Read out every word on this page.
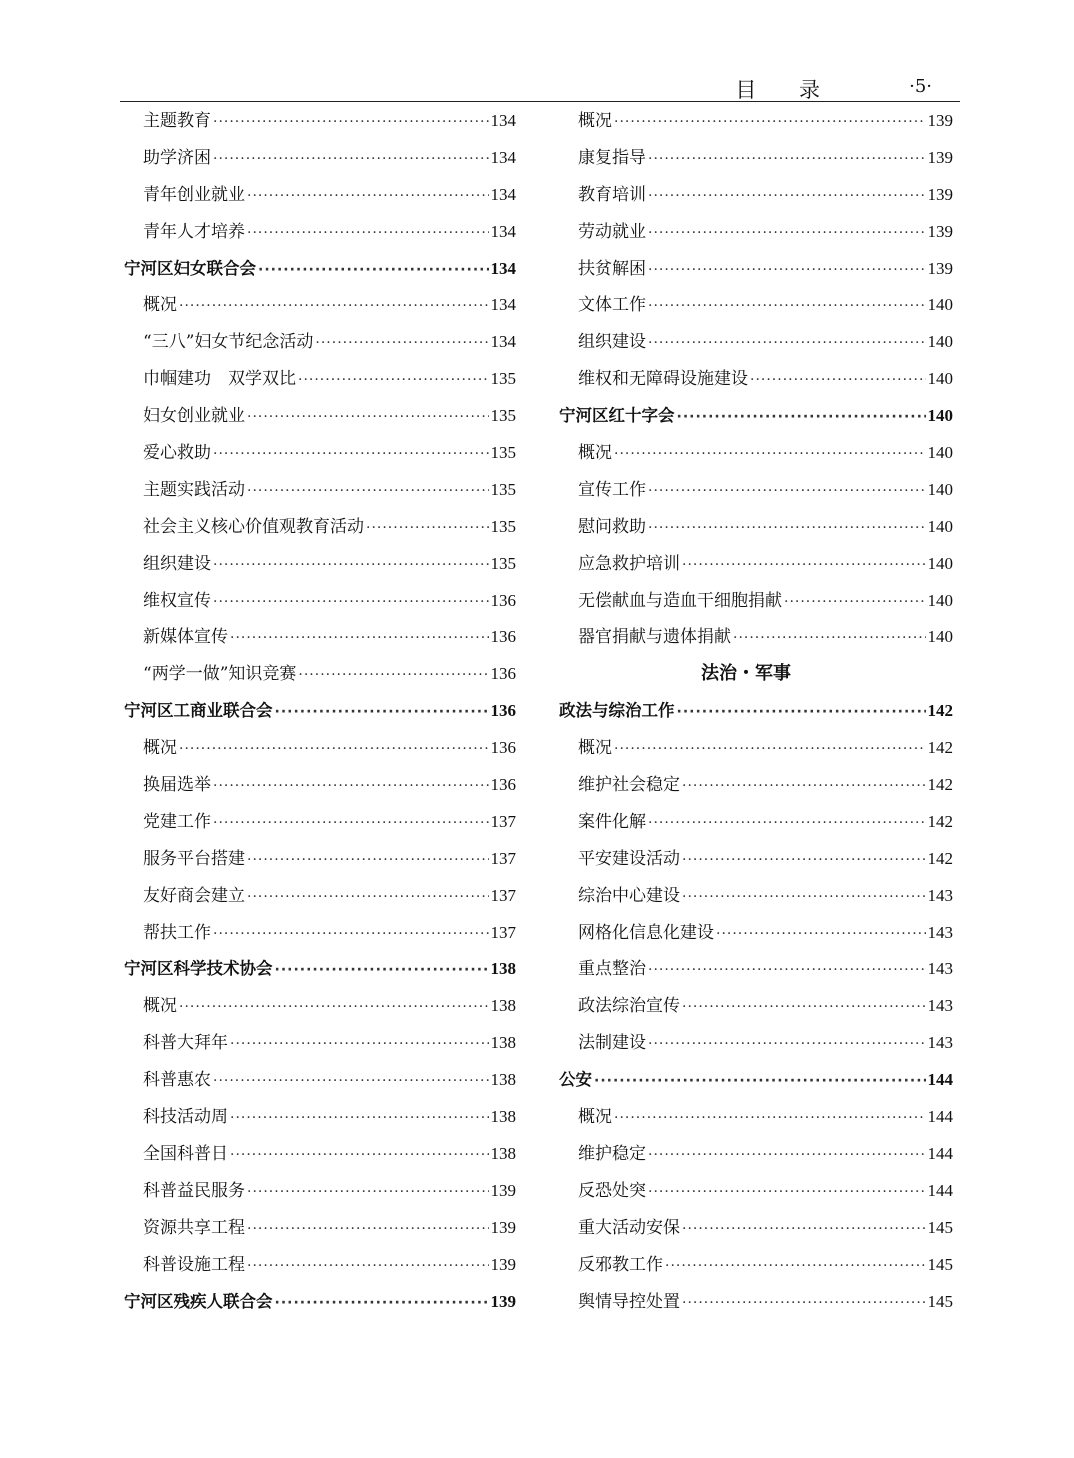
目 录	·5·
主题教育 ·····	134
助学济困 ·····	134
青年创业就业 ·····	134
青年人才培养 ·····	134
宁河区妇女联合会 ·····	134
概况 ·····	134
“三八”妇女节纪念活动 ·····	134
巾帼建功　双学双比 ·····	135
妇女创业就业 ·····	135
爱心救助 ·····	135
主题实践活动 ·····	135
社会主义核心价值观教育活动 ·····	135
组织建设 ·····	135
维权宣传 ·····	136
新媒体宣传 ·····	136
“两学一做”知识竞赛 ·····	136
宁河区工商业联合会 ·····	136
概况 ·····	136
换届选举 ·····	136
党建工作 ·····	137
服务平台搭建 ·····	137
友好商会建立 ·····	137
帮扶工作 ·····	137
宁河区科学技术协会 ·····	138
概况 ·····	138
科普大拜年 ·····	138
科普惠农 ·····	138
科技活动周 ·····	138
全国科普日 ·····	138
科普益民服务 ·····	139
资源共享工程 ·····	139
科普设施工程 ·····	139
宁河区残疾人联合会 ·····	139
概况 ·····	139
康复指导 ·····	139
教育培训 ·····	139
劳动就业 ·····	139
扶贫解困 ·····	139
文体工作 ·····	140
组织建设 ·····	140
维权和无障碍设施建设 ·····	140
宁河区红十字会 ·····	140
概况 ·····	140
宣传工作 ·····	140
慰问救助 ·····	140
应急救护培训 ·····	140
无偿献血与造血干细胞捐献 ·····	140
器官捐献与遗体捐献 ·····	140
法治・军事
政法与综治工作 ·····	142
概况 ·····	142
维护社会稳定 ·····	142
案件化解 ·····	142
平安建设活动 ·····	142
综治中心建设 ·····	143
网格化信息化建设 ·····	143
重点整治 ·····	143
政法综治宣传 ·····	143
法制建设 ·····	143
公安 ·····	144
概况 ·····	144
维护稳定 ·····	144
反恐处突 ·····	144
重大活动安保 ·····	145
反邪教工作 ·····	145
舆情导控处置 ·····	145
